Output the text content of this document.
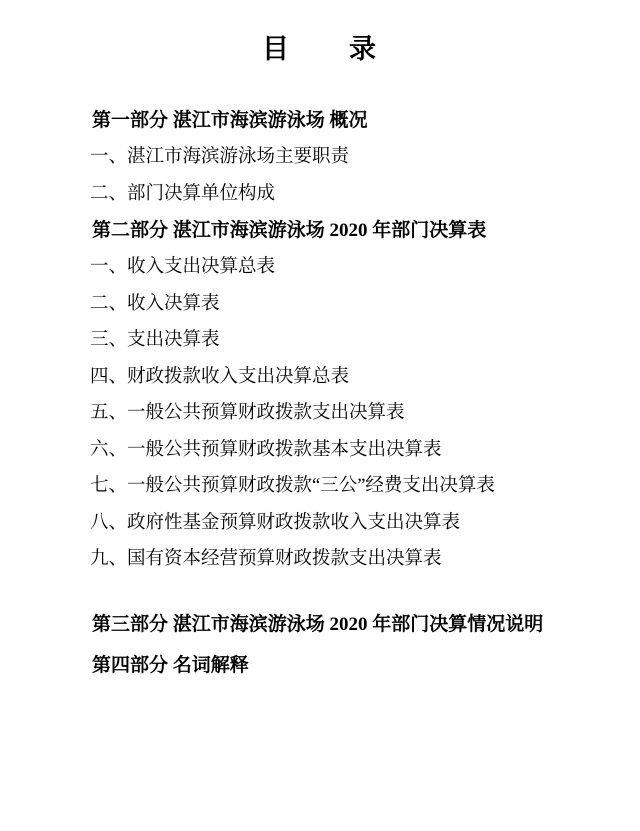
目 录
第一部分 湛江市海滨游泳场 概况
一、湛江市海滨游泳场主要职责
二、部门决算单位构成
第二部分 湛江市海滨游泳场 2020 年部门决算表
一、收入支出决算总表
二、收入决算表
三、支出决算表
四、财政拨款收入支出决算总表
五、一般公共预算财政拨款支出决算表
六、一般公共预算财政拨款基本支出决算表
七、一般公共预算财政拨款“三公”经费支出决算表
八、政府性基金预算财政拨款收入支出决算表
九、国有资本经营预算财政拨款支出决算表
第三部分 湛江市海滨游泳场 2020 年部门决算情况说明
第四部分 名词解释
